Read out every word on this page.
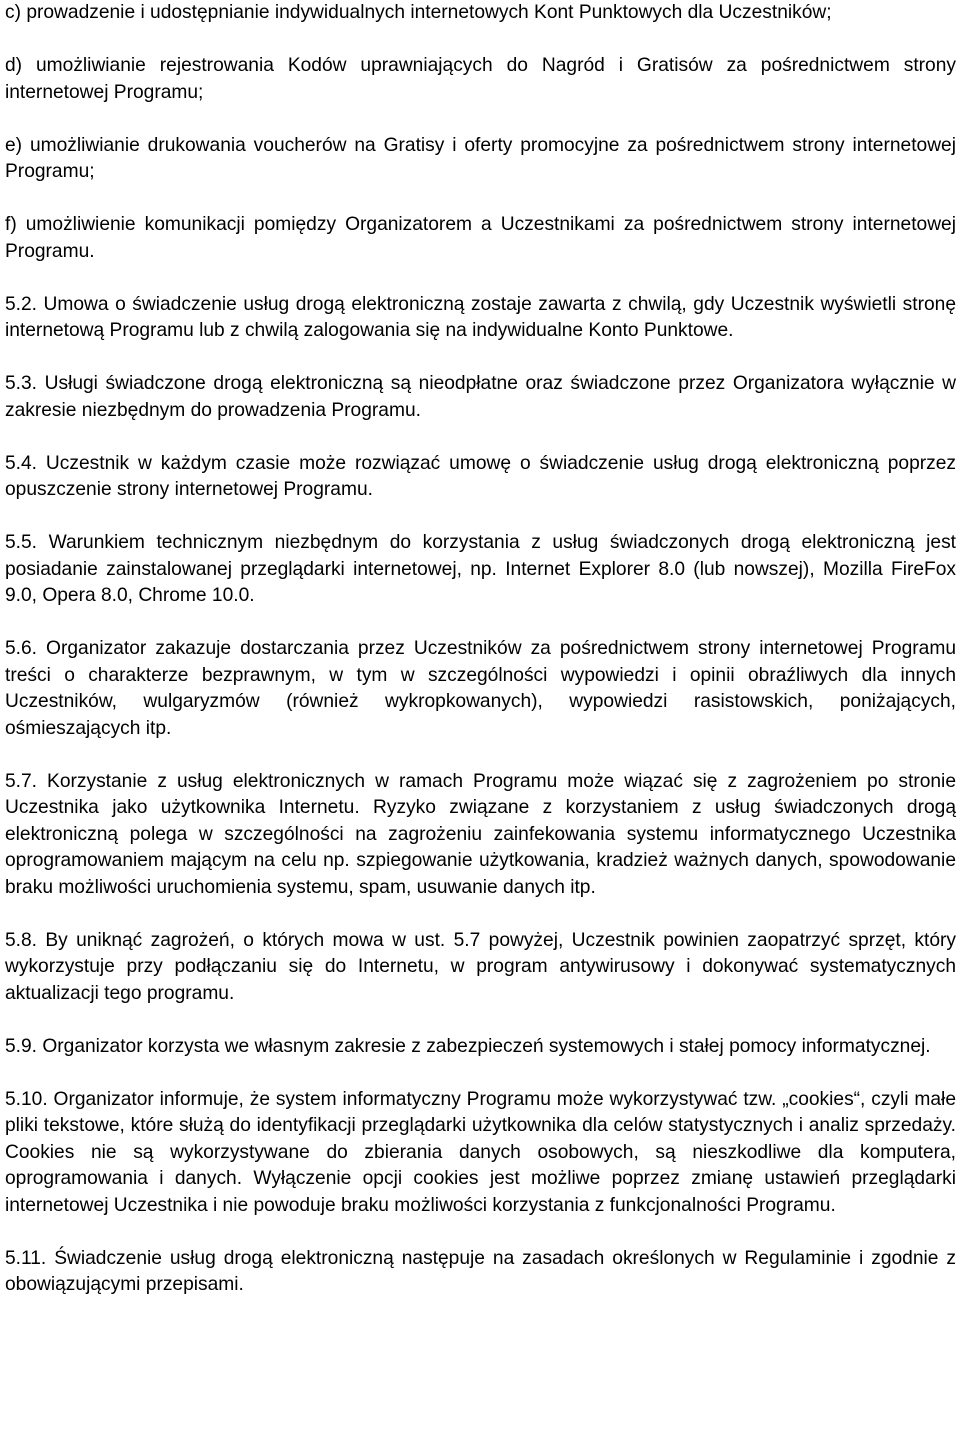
c) prowadzenie i udostępnianie indywidualnych internetowych Kont Punktowych dla Uczestników;

d) umożliwianie rejestrowania Kodów uprawniających do Nagród i Gratisów za pośrednictwem strony internetowej Programu;

e) umożliwianie drukowania voucherów na Gratisy i oferty promocyjne za pośrednictwem strony internetowej Programu;

f) umożliwienie komunikacji pomiędzy Organizatorem a Uczestnikami za pośrednictwem strony internetowej Programu.

5.2. Umowa o świadczenie usług drogą elektroniczną zostaje zawarta z chwilą, gdy Uczestnik wyświetli stronę internetową Programu lub z chwilą zalogowania się na indywidualne Konto Punktowe.

5.3. Usługi świadczone drogą elektroniczną są nieodpłatne oraz świadczone przez Organizatora wyłącznie w zakresie niezbędnym do prowadzenia Programu.

5.4. Uczestnik w każdym czasie może rozwiązać umowę o świadczenie usług drogą elektroniczną poprzez opuszczenie strony internetowej Programu.

5.5. Warunkiem technicznym niezbędnym do korzystania z usług świadczonych drogą elektroniczną jest posiadanie zainstalowanej przeglądarki internetowej, np. Internet Explorer 8.0 (lub nowszej), Mozilla FireFox 9.0, Opera 8.0, Chrome 10.0.

5.6. Organizator zakazuje dostarczania przez Uczestników za pośrednictwem strony internetowej Programu treści o charakterze bezprawnym, w tym w szczególności wypowiedzi i opinii obraźliwych dla innych Uczestników, wulgaryzmów (również wykropkowanych), wypowiedzi rasistowskich, poniżających, ośmieszających itp.

5.7. Korzystanie z usług elektronicznych w ramach Programu może wiązać się z zagrożeniem po stronie Uczestnika jako użytkownika Internetu. Ryzyko związane z korzystaniem z usług świadczonych drogą elektroniczną polega w szczególności na zagrożeniu zainfekowania systemu informatycznego Uczestnika oprogramowaniem mającym na celu np. szpiegowanie użytkowania, kradzież ważnych danych, spowodowanie braku możliwości uruchomienia systemu, spam, usuwanie danych itp.

5.8. By uniknąć zagrożeń, o których mowa w ust. 5.7 powyżej, Uczestnik powinien zaopatrzyć sprzęt, który wykorzystuje przy podłączaniu się do Internetu, w program antywirusowy i dokonywać systematycznych aktualizacji tego programu.

5.9. Organizator korzysta we własnym zakresie z zabezpieczeń systemowych i stałej pomocy informatycznej.

5.10. Organizator informuje, że system informatyczny Programu może wykorzystywać tzw. „cookies“, czyli małe pliki tekstowe, które służą do identyfikacji przeglądarki użytkownika dla celów statystycznych i analiz sprzedaży. Cookies nie są wykorzystywane do zbierania danych osobowych, są nieszkodliwe dla komputera, oprogramowania i danych. Wyłączenie opcji cookies jest możliwe poprzez zmianę ustawień przeglądarki internetowej Uczestnika i nie powoduje braku możliwości korzystania z funkcjonalności Programu.

5.11. Świadczenie usług drogą elektroniczną następuje na zasadach określonych w Regulaminie i zgodnie z obowiązującymi przepisami.
